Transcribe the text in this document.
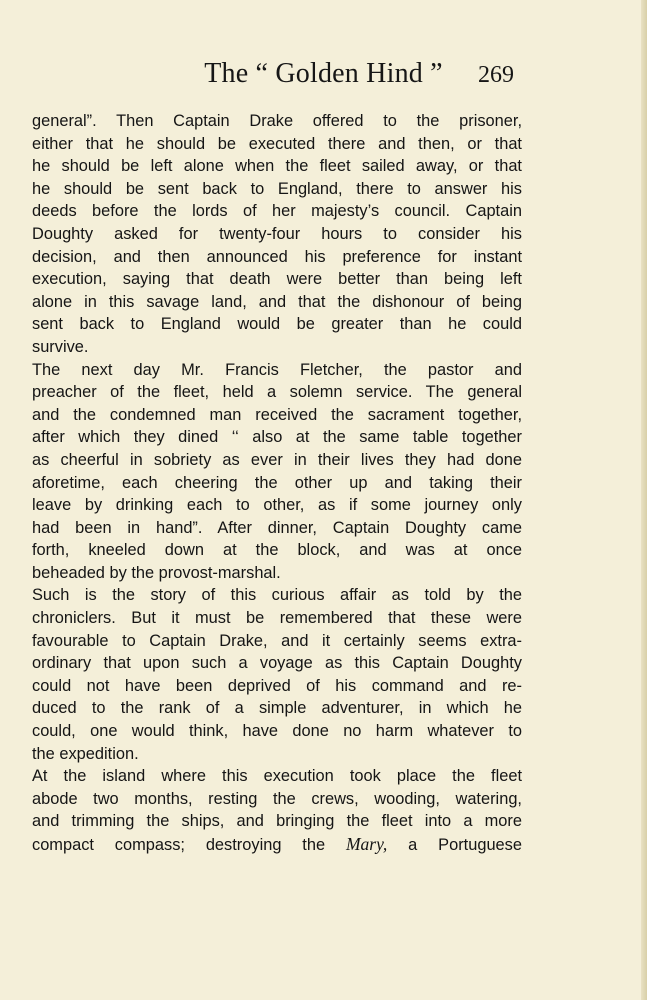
The “ Golden Hind ”	269
general”. Then Captain Drake offered to the prisoner,
either that he should be executed there and then, or that
he should be left alone when the fleet sailed away, or that
he should be sent back to England, there to answer his
deeds before the lords of her majesty’s council. Captain
Doughty asked for twenty-four hours to consider his
decision, and then announced his preference for instant
execution, saying that death were better than being left
alone in this savage land, and that the dishonour of being
sent back to England would be greater than he could
survive.
The next day Mr. Francis Fletcher, the pastor and
preacher of the fleet, held a solemn service. The general
and the condemned man received the sacrament together,
after which they dined ‘‘ also at the same table together
as cheerful in sobriety as ever in their lives they had done
aforetime, each cheering the other up and taking their
leave by drinking each to other, as if some journey only
had been in hand”. After dinner, Captain Doughty came
forth, kneeled down at the block, and was at once
beheaded by the provost-marshal.
Such is the story of this curious affair as told by the
chroniclers. But it must be remembered that these were
favourable to Captain Drake, and it certainly seems extra-
ordinary that upon such a voyage as this Captain Doughty
could not have been deprived of his command and re-
duced to the rank of a simple adventurer, in which he
could, one would think, have done no harm whatever to
the expedition.
At the island where this execution took place the fleet
abode two months, resting the crews, wooding, watering,
and trimming the ships, and bringing the fleet into a more
compact compass; destroying the Mary, a Portuguese
